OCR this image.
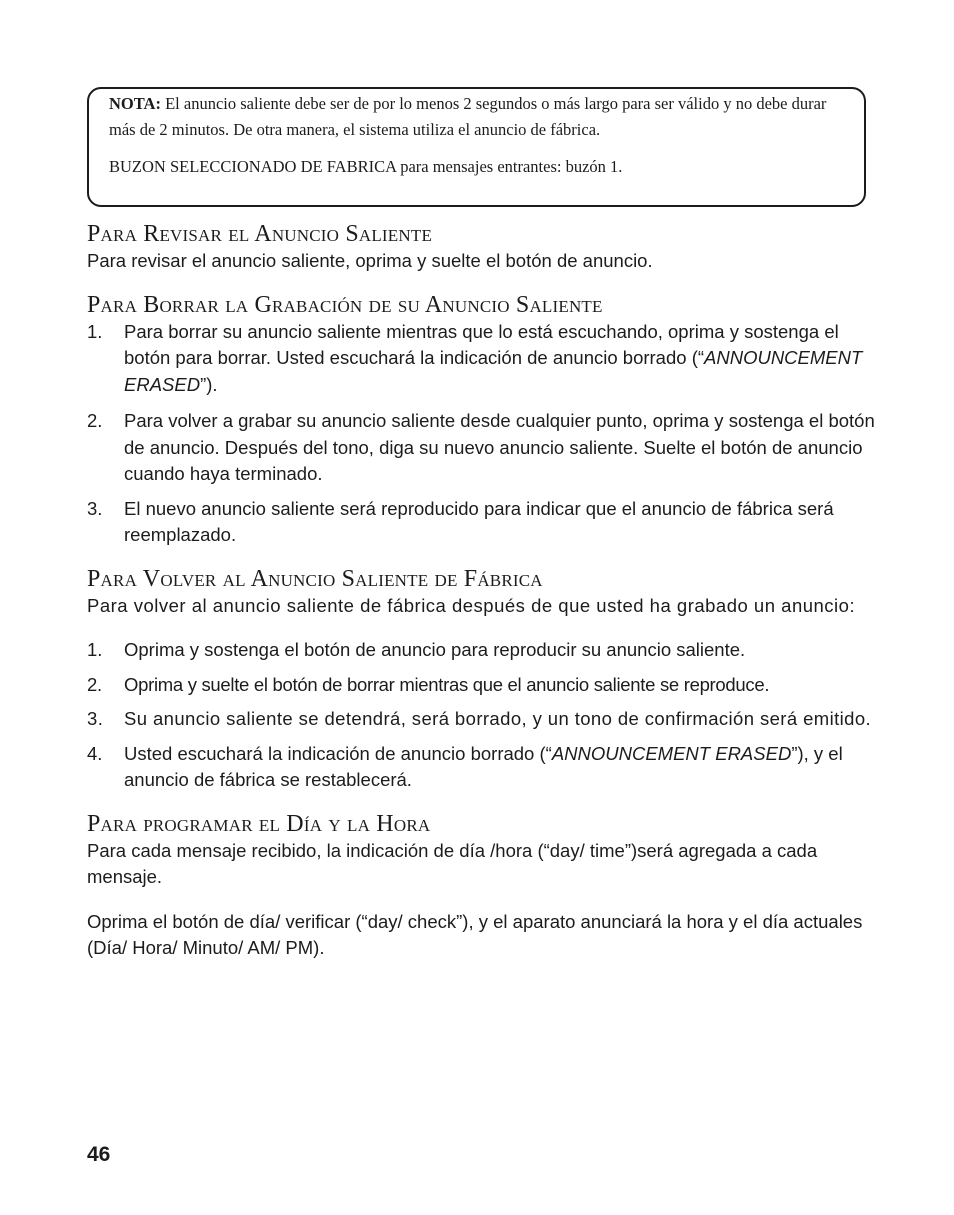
NOTA: El anuncio saliente debe ser de por lo menos 2 segundos o más largo para ser válido y no debe durar más de 2 minutos. De otra manera, el sistema utiliza el anuncio de fábrica.

BUZON SELECCIONADO DE FABRICA para mensajes entrantes: buzón 1.

Para Revisar el Anuncio Saliente

Para revisar el anuncio saliente, oprima y suelte el botón de anuncio.

Para Borrar la Grabación de su Anuncio Saliente
1. Para borrar su anuncio saliente mientras que lo está escuchando, oprima y sostenga el botón para borrar. Usted escuchará la indicación de anuncio borrado (“ANNOUNCEMENT ERASED”).
2. Para volver a grabar su anuncio saliente desde cualquier punto, oprima y sostenga el botón de anuncio. Después del tono, diga su nuevo anuncio saliente. Suelte el botón de anuncio cuando haya terminado.
3. El nuevo anuncio saliente será reproducido para indicar que el anuncio de fábrica será reemplazado.
Para Volver al Anuncio Saliente de Fábrica

Para volver al anuncio saliente de fábrica después de que usted ha grabado un anuncio:

1. Oprima y sostenga el botón de anuncio para reproducir su anuncio saliente.
2. Oprima y suelte el botón de borrar mientras que el anuncio saliente se reproduce.
3. Su anuncio saliente se detendrá, será borrado, y un tono de confirmación será emitido.
4. Usted escuchará la indicación de anuncio borrado (“ANNOUNCEMENT ERASED”), y el anuncio de fábrica se restablecerá.
Para programar el Día y la Hora

Para cada mensaje recibido, la indicación de día /hora (“day/ time”)será agregada a cada mensaje.

Oprima el botón de día/ verificar (“day/ check”), y el aparato anunciará la hora y el día actuales (Día/ Hora/ Minuto/ AM/ PM).

46
